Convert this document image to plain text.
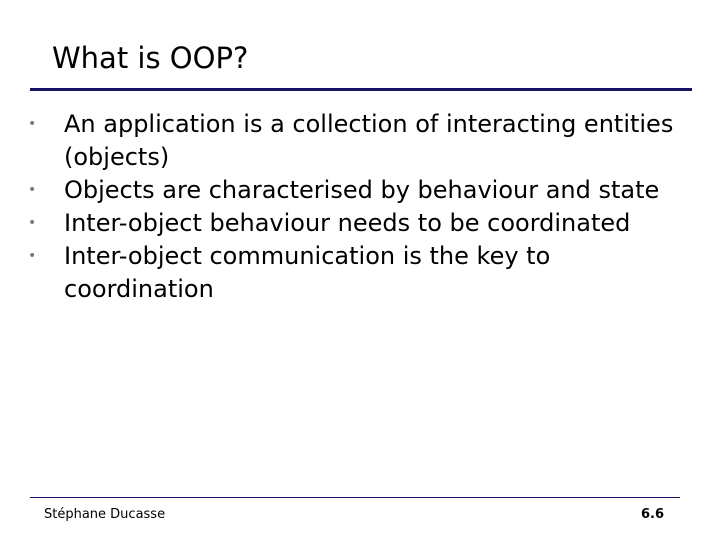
What is OOP?
• An application is a collection of interacting entities (objects)
• Objects are characterised by behaviour and state
• Inter-object behaviour needs to be coordinated
• Inter-object communication is the key to coordination
Stéphane Ducasse	6.6
